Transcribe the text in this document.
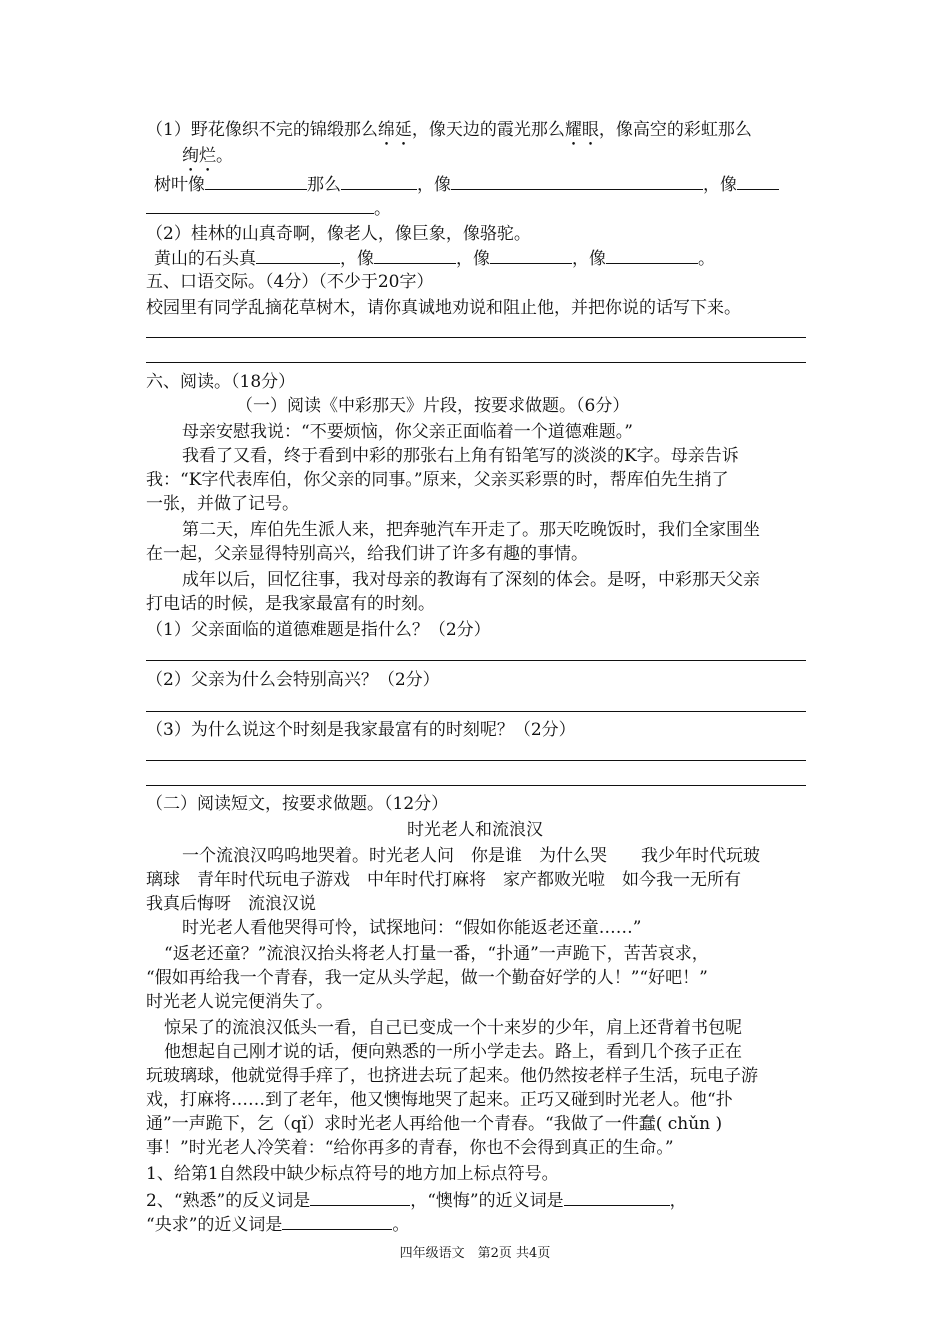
（1）野花像织不完的锦缎那么绵延，像天边的霞光那么耀眼，像高空的彩虹那么
绚烂。
树叶像	那么	，像	，像
。
（2）桂林的山真奇啊，像老人，像巨象，像骆驼。
黄山的石头真	，像	，像	，像	。
五、口语交际。（4分）（不少于20字）
校园里有同学乱摘花草树木，请你真诚地劝说和阻止他，并把你说的话写下来。
六、阅读。（18分）
（一）阅读《中彩那天》片段，按要求做题。（6分）
母亲安慰我说：“不要烦恼，你父亲正面临着一个道德难题。”
我看了又看，终于看到中彩的那张右上角有铅笔写的淡淡的K字。母亲告诉
我：“K字代表库伯，你父亲的同事。”原来，父亲买彩票的时，帮库伯先生捎了
一张，并做了记号。
第二天，库伯先生派人来，把奔驰汽车开走了。那天吃晚饭时，我们全家围坐
在一起，父亲显得特别高兴，给我们讲了许多有趣的事情。
成年以后，回忆往事，我对母亲的教诲有了深刻的体会。是呀，中彩那天父亲
打电话的时候，是我家最富有的时刻。
（1）父亲面临的道德难题是指什么？（2分）
（2）父亲为什么会特别高兴？（2分）
（3）为什么说这个时刻是我家最富有的时刻呢？（2分）
（二）阅读短文，按要求做题。（12分）
时光老人和流浪汉
一个流浪汉呜呜地哭着。时光老人问　你是谁　为什么哭　　我少年时代玩玻
璃球　青年时代玩电子游戏　中年时代打麻将　家产都败光啦　如今我一无所有
我真后悔呀　流浪汉说
时光老人看他哭得可怜，试探地问：“假如你能返老还童……”
“返老还童？”流浪汉抬头将老人打量一番，“扑通”一声跪下，苦苦哀求，
“假如再给我一个青春，我一定从头学起，做一个勤奋好学的人！”“好吧！”
时光老人说完便消失了。
惊呆了的流浪汉低头一看，自己已变成一个十来岁的少年，肩上还背着书包呢
他想起自己刚才说的话，便向熟悉的一所小学走去。路上，看到几个孩子正在
玩玻璃球，他就觉得手痒了，也挤进去玩了起来。他仍然按老样子生活，玩电子游
戏，打麻将……到了老年，他又懊悔地哭了起来。正巧又碰到时光老人。他“扑
通”一声跪下，乞（qǐ）求时光老人再给他一个青春。“我做了一件蠢( chǔn )
事！”时光老人冷笑着：“给你再多的青春，你也不会得到真正的生命。”
1、给第1自然段中缺少标点符号的地方加上标点符号。
2、“熟悉”的反义词是	，“懊悔”的近义词是	，
“央求”的近义词是	。
四年级语文　第2页 共4页
